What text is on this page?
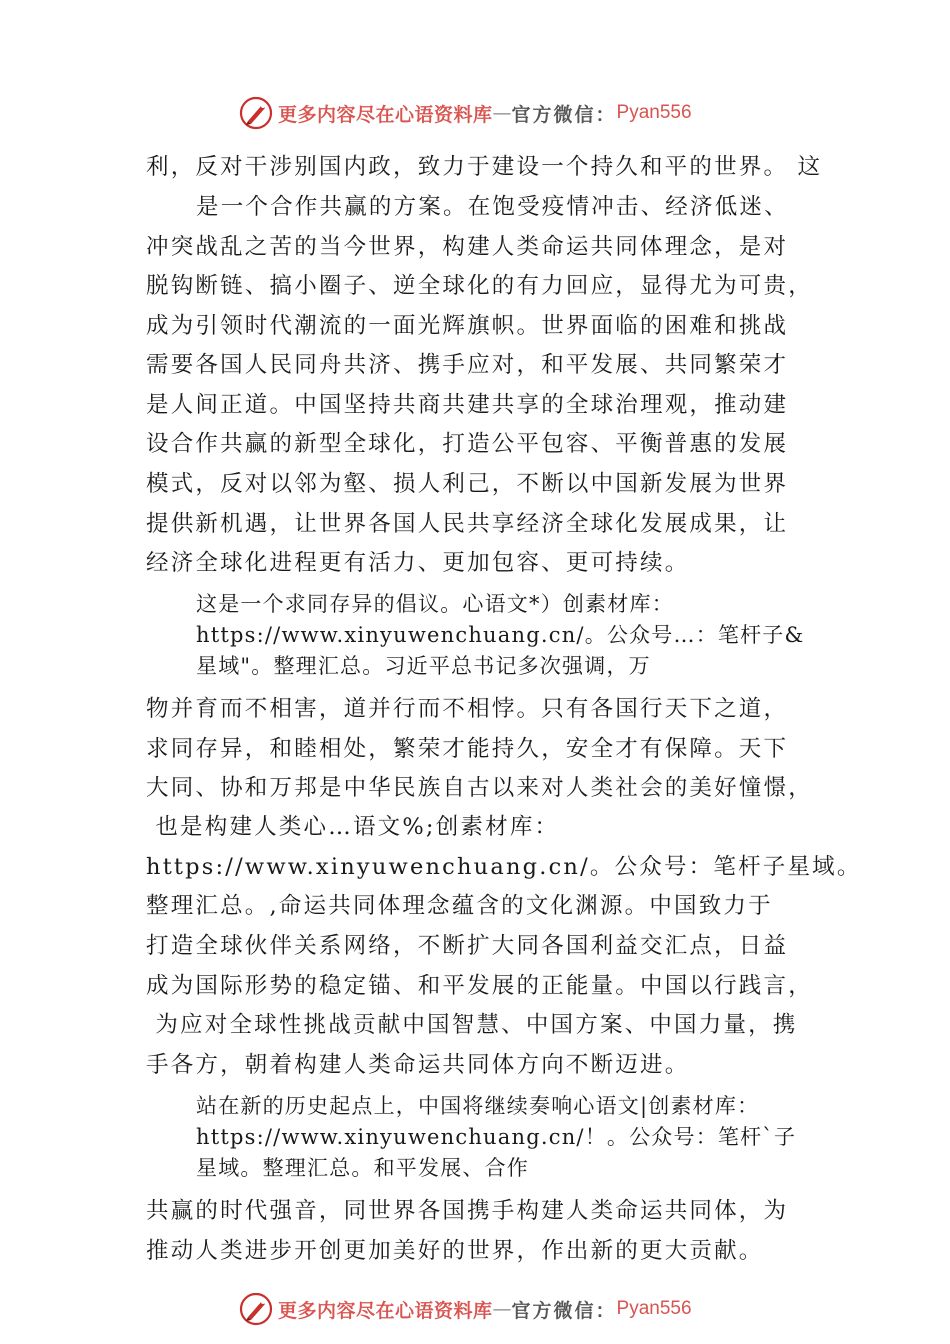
更多内容尽在心语资料库 — 官方微信： Pyan556
利，反对干涉别国内政，致力于建设一个持久和平的世界。 这
是一个合作共赢的方案。在饱受疫情冲击、经济低迷、
冲突战乱之苦的当今世界，构建人类命运共同体理念，是对
脱钩断链、搞小圈子、逆全球化的有力回应，显得尤为可贵，
成为引领时代潮流的一面光辉旗帜。世界面临的困难和挑战
需要各国人民同舟共济、携手应对，和平发展、共同繁荣才
是人间正道。中国坚持共商共建共享的全球治理观，推动建
设合作共赢的新型全球化，打造公平包容、平衡普惠的发展
模式，反对以邻为壑、损人利己，不断以中国新发展为世界
提供新机遇，让世界各国人民共享经济全球化发展成果，让
经济全球化进程更有活力、更加包容、更可持续。
这是一个求同存异的倡议。心语文*）创素材库：
https://www.xinyuwenchuang.cn/。公众号…：笔杆子&
星域"。整理汇总。习近平总书记多次强调，万
物并育而不相害，道并行而不相悖。只有各国行天下之道，
求同存异，和睦相处，繁荣才能持久，安全才有保障。天下
大同、协和万邦是中华民族自古以来对人类社会的美好憧憬，
也是构建人类心…语文%;创素材库：
https://www.xinyuwenchuang.cn/。公众号：笔杆子星域。
整理汇总。,命运共同体理念蕴含的文化渊源。中国致力于
打造全球伙伴关系网络，不断扩大同各国利益交汇点，日益
成为国际形势的稳定锚、和平发展的正能量。中国以行践言，
为应对全球性挑战贡献中国智慧、中国方案、中国力量，携
手各方，朝着构建人类命运共同体方向不断迈进。
站在新的历史起点上，中国将继续奏响心语文|创素材库：
https://www.xinyuwenchuang.cn/！。公众号：笔杆`子
星域。整理汇总。和平发展、合作
共赢的时代强音，同世界各国携手构建人类命运共同体，为
推动人类进步开创更加美好的世界，作出新的更大贡献。
更多内容尽在心语资料库 — 官方微信： Pyan556
